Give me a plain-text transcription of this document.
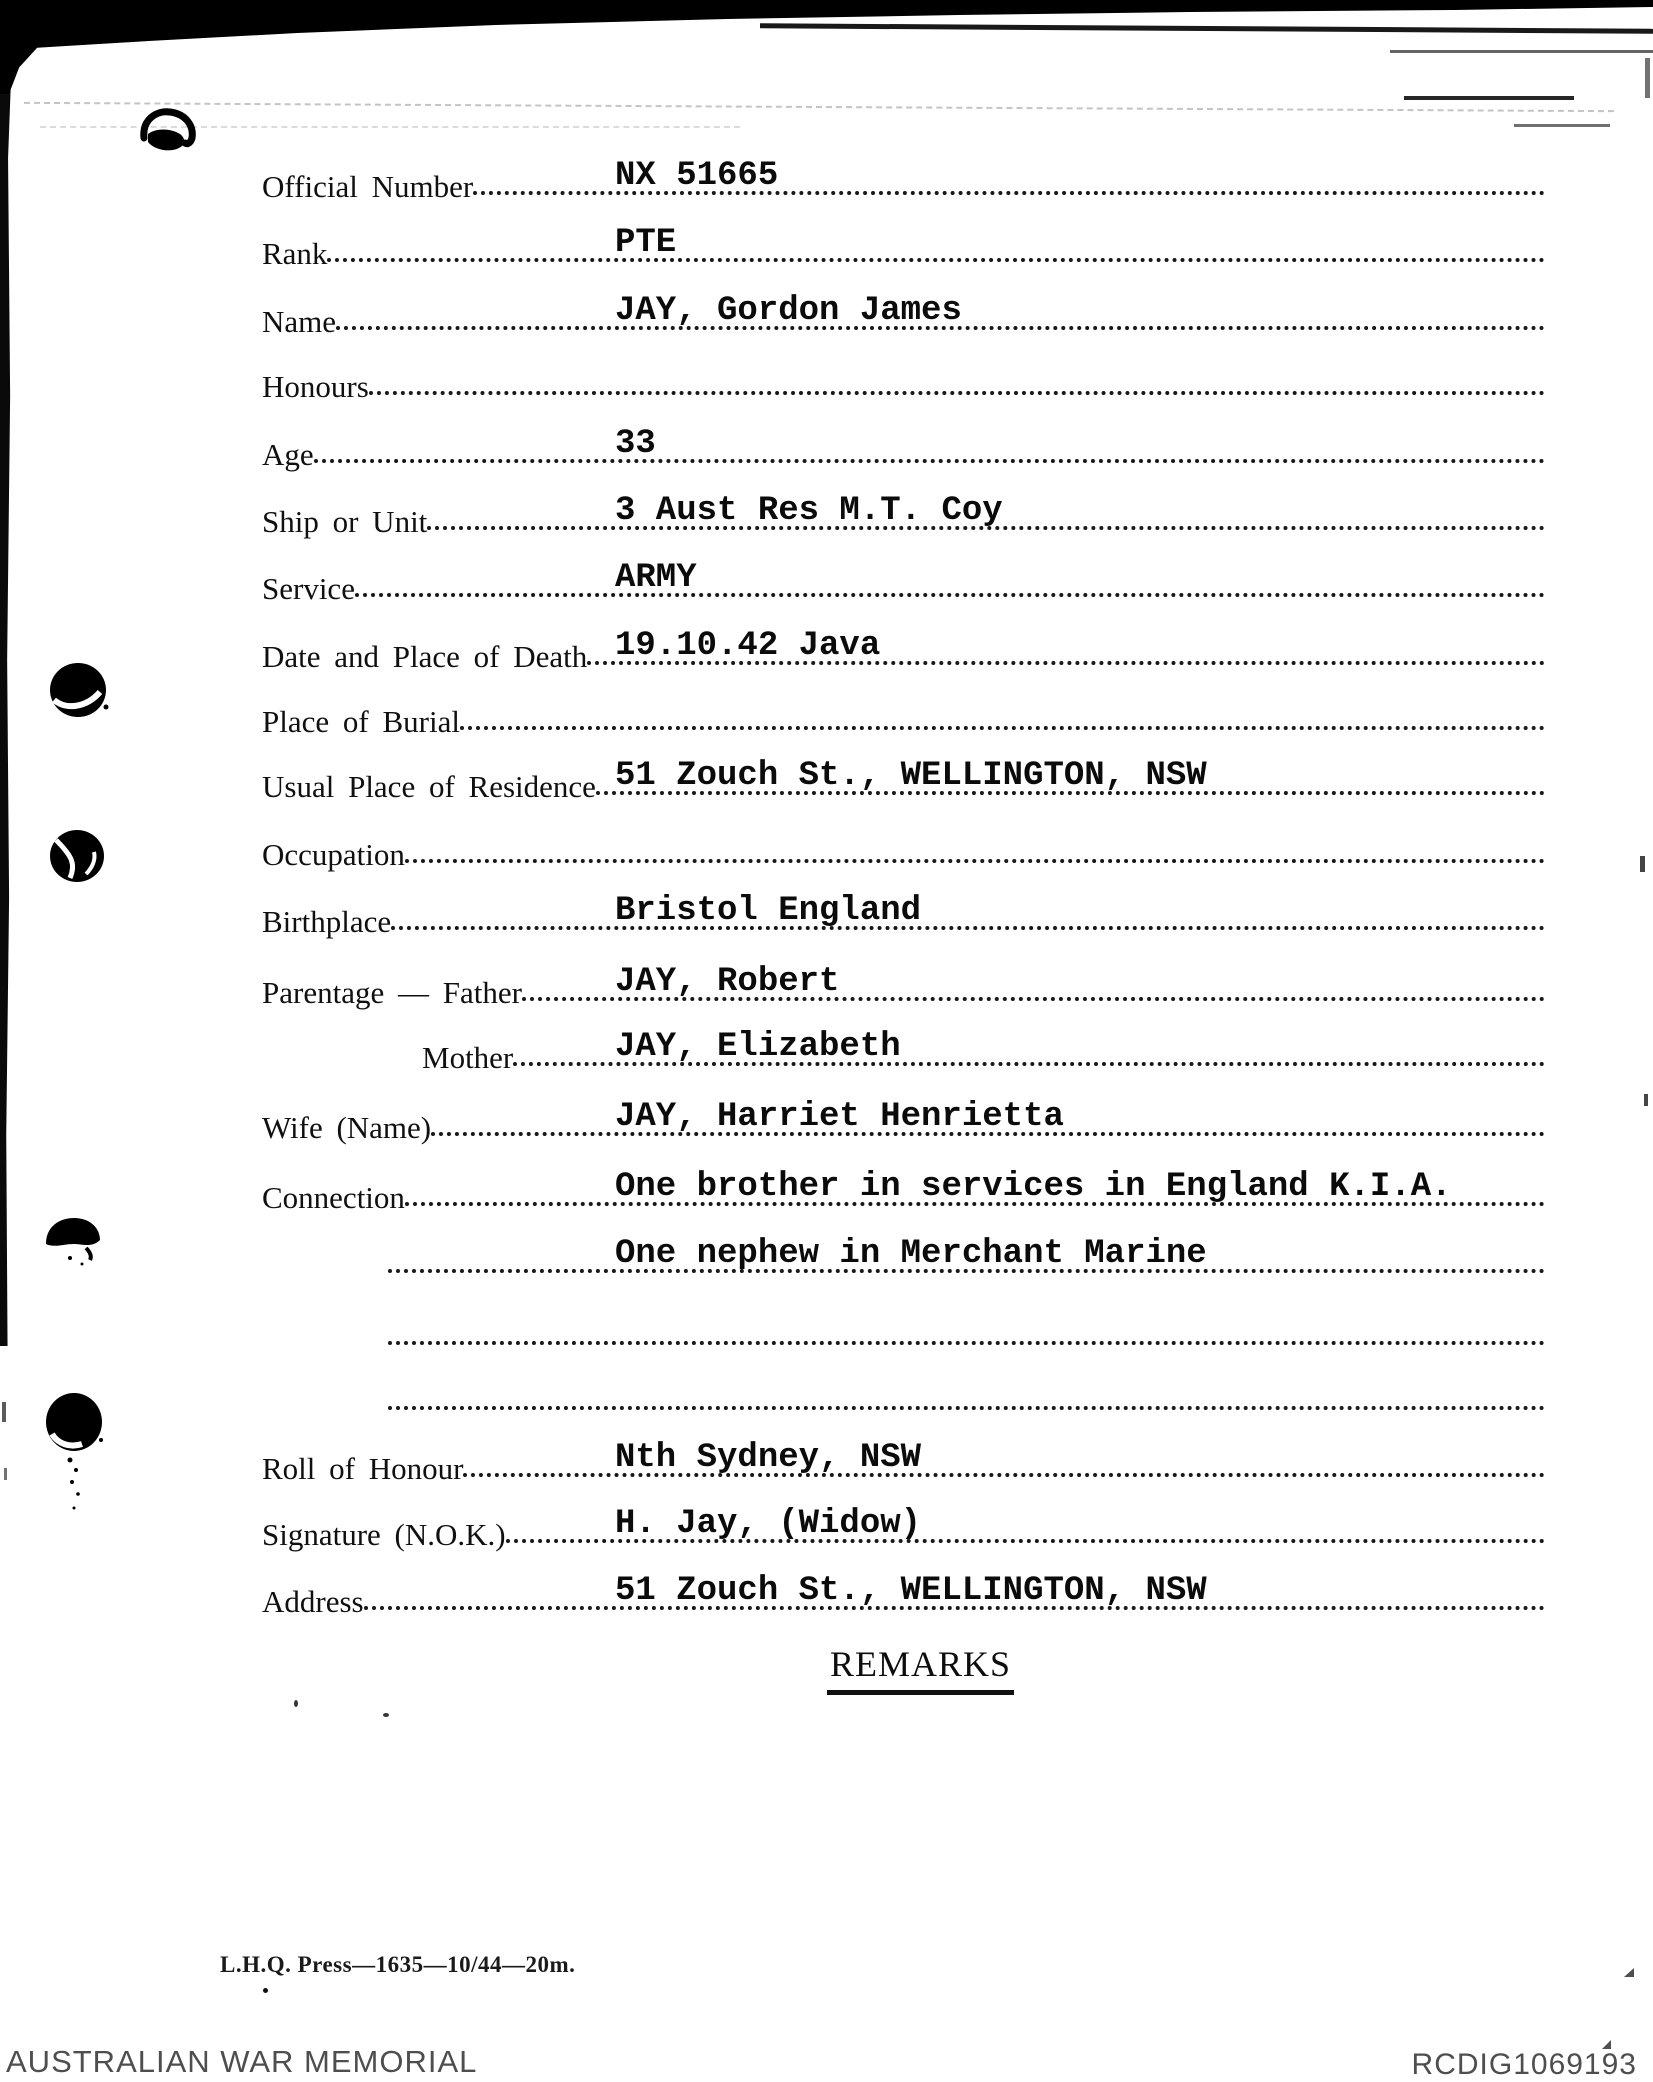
Official Number	NX 51665
Rank	PTE
Name	JAY, Gordon James
Honours
Age	33
Ship or Unit	3 Aust Res M.T. Coy
Service	ARMY
Date and Place of Death 19.10.42 Java
Place of Burial
Usual Place of Residence 51 Zouch St., WELLINGTON, NSW
Occupation
Birthplace	Bristol England
Parentage — Father	JAY, Robert
Mother	JAY, Elizabeth
Wife (Name)	JAY, Harriet Henrietta
Connection	One brother in services in England K.I.A.
One nephew in Merchant Marine
Roll of Honour	Nth Sydney, NSW
Signature (N.O.K.)	H. Jay, (Widow)
Address	51 Zouch St., WELLINGTON, NSW
REMARKS
L.H.Q. Press—1635—10/44—20m.
AUSTRALIAN WAR MEMORIAL	RCDIG1069193
